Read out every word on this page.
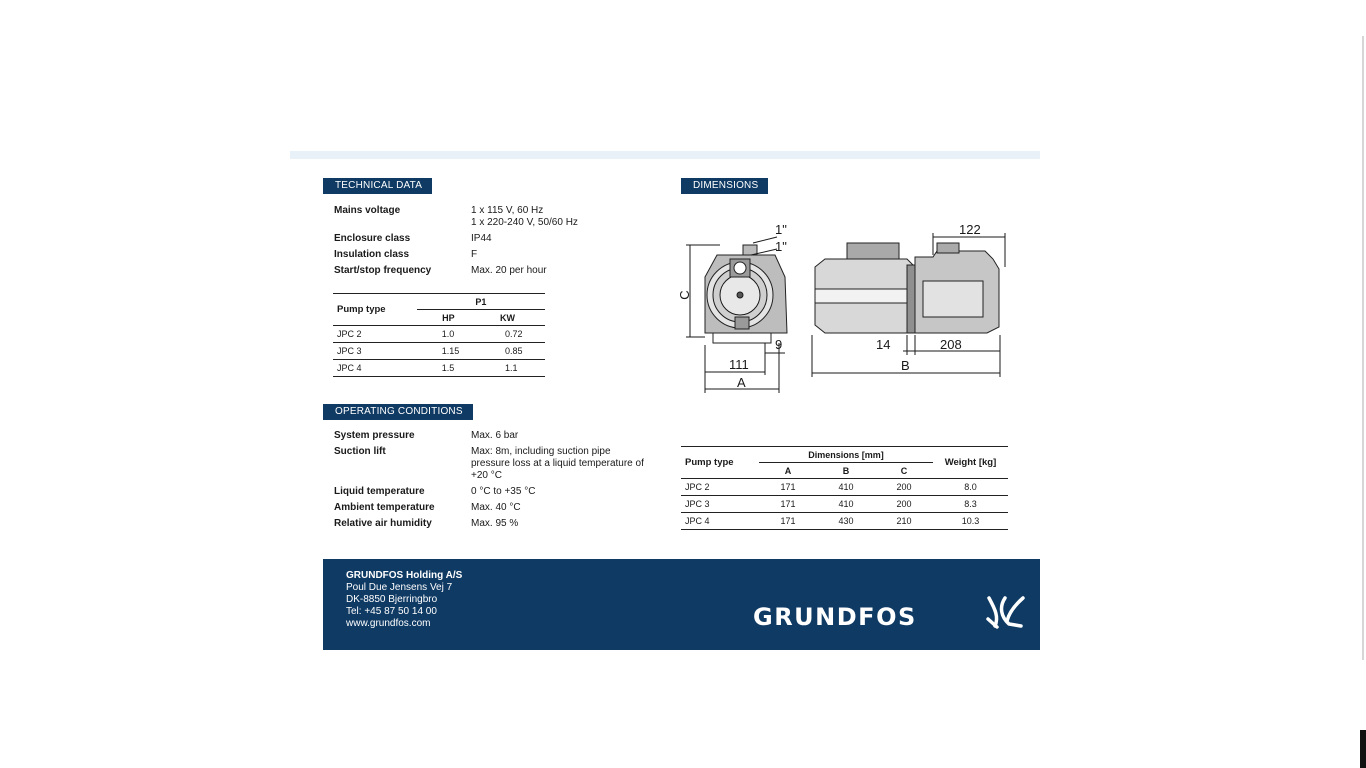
TECHNICAL DATA
Mains voltage	1 x 115 V, 60 Hz
1 x 220-240 V, 50/60 Hz
Enclosure class	IP44
Insulation class	F
Start/stop frequency	Max. 20 per hour
Pump type	P1	
	HP	KW
JPC 2	1.0	0.72
JPC 3	1.15	0.85
JPC 4	1.5	1.1
OPERATING CONDITIONS
System pressure	Max. 6 bar
Suction lift	Max: 8m, including suction pipe pressure loss at a liquid temperature of +20 °C
Liquid temperature	0 °C to +35 °C
Ambient temperature	Max. 40 °C
Relative air humidity	Max. 95 %
DIMENSIONS
1"
1"
C
111
A
9
122
14	208
B
Pump type	Dimensions [mm]			Weight [kg]
	A	B	C	
JPC 2	171	410	200	8.0
JPC 3	171	410	200	8.3
JPC 4	171	430	210	10.3
GRUNDFOS Holding A/S
Poul Due Jensens Vej 7
DK-8850 Bjerringbro
Tel: +45 87 50 14 00
www.grundfos.com	GRUNDFOS
